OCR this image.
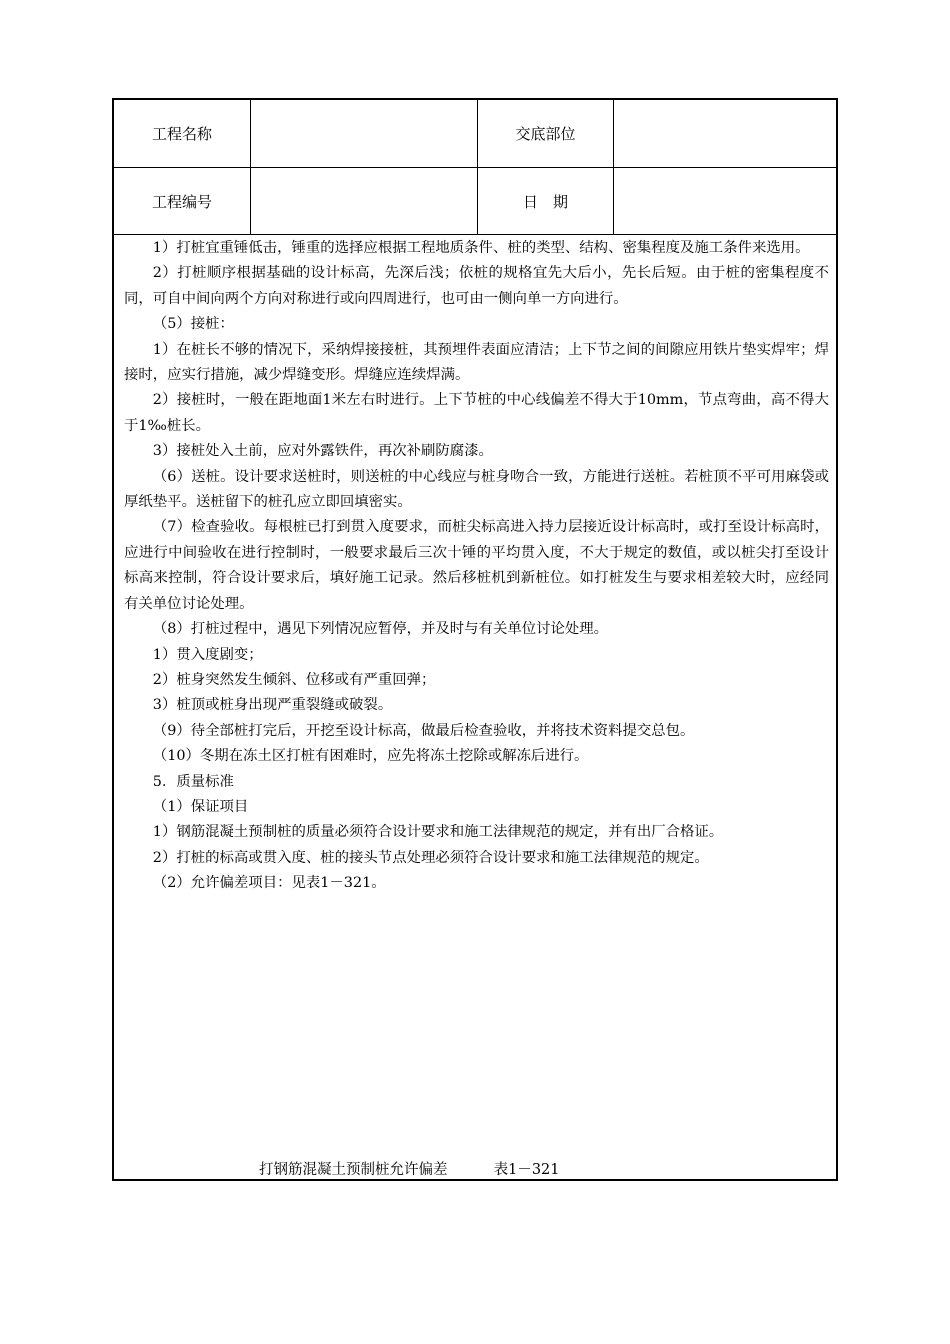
工程名称	交底部位
工程编号	日　期

1）打桩宜重锤低击，锤重的选择应根据工程地质条件、桩的类型、结构、密集程度及施工条件来选用。

2）打桩顺序根据基础的设计标高，先深后浅；依桩的规格宜先大后小，先长后短。由于桩的密集程度不同，可自中间向两个方向对称进行或向四周进行，也可由一侧向单一方向进行。

（5）接桩：

1）在桩长不够的情况下，采纳焊接接桩，其预埋件表面应清洁；上下节之间的间隙应用铁片垫实焊牢；焊接时，应实行措施，减少焊缝变形。焊缝应连续焊满。

2）接桩时，一般在距地面1米左右时进行。上下节桩的中心线偏差不得大于10mm，节点弯曲，高不得大于1‰桩长。

3）接桩处入土前，应对外露铁件，再次补刷防腐漆。

（6）送桩。设计要求送桩时，则送桩的中心线应与桩身吻合一致，方能进行送桩。若桩顶不平可用麻袋或厚纸垫平。送桩留下的桩孔应立即回填密实。

（7）检查验收。每根桩已打到贯入度要求，而桩尖标高进入持力层接近设计标高时，或打至设计标高时，应进行中间验收在进行控制时，一般要求最后三次十锤的平均贯入度，不大于规定的数值，或以桩尖打至设计标高来控制，符合设计要求后，填好施工记录。然后移桩机到新桩位。如打桩发生与要求相差较大时，应经同有关单位讨论处理。

（8）打桩过程中，遇见下列情况应暂停，并及时与有关单位讨论处理。

1）贯入度剧变；

2）桩身突然发生倾斜、位移或有严重回弹；

3）桩顶或桩身出现严重裂缝或破裂。

（9）待全部桩打完后，开挖至设计标高，做最后检查验收，并将技术资料提交总包。

（10）冬期在冻土区打桩有困难时，应先将冻土挖除或解冻后进行。

5．质量标准

（1）保证项目

1）钢筋混凝土预制桩的质量必须符合设计要求和施工法律规范的规定，并有出厂合格证。

2）打桩的标高或贯入度、桩的接头节点处理必须符合设计要求和施工法律规范的规定。

（2）允许偏差项目：见表1－321。

打钢筋混凝土预制桩允许偏差          表1－321
